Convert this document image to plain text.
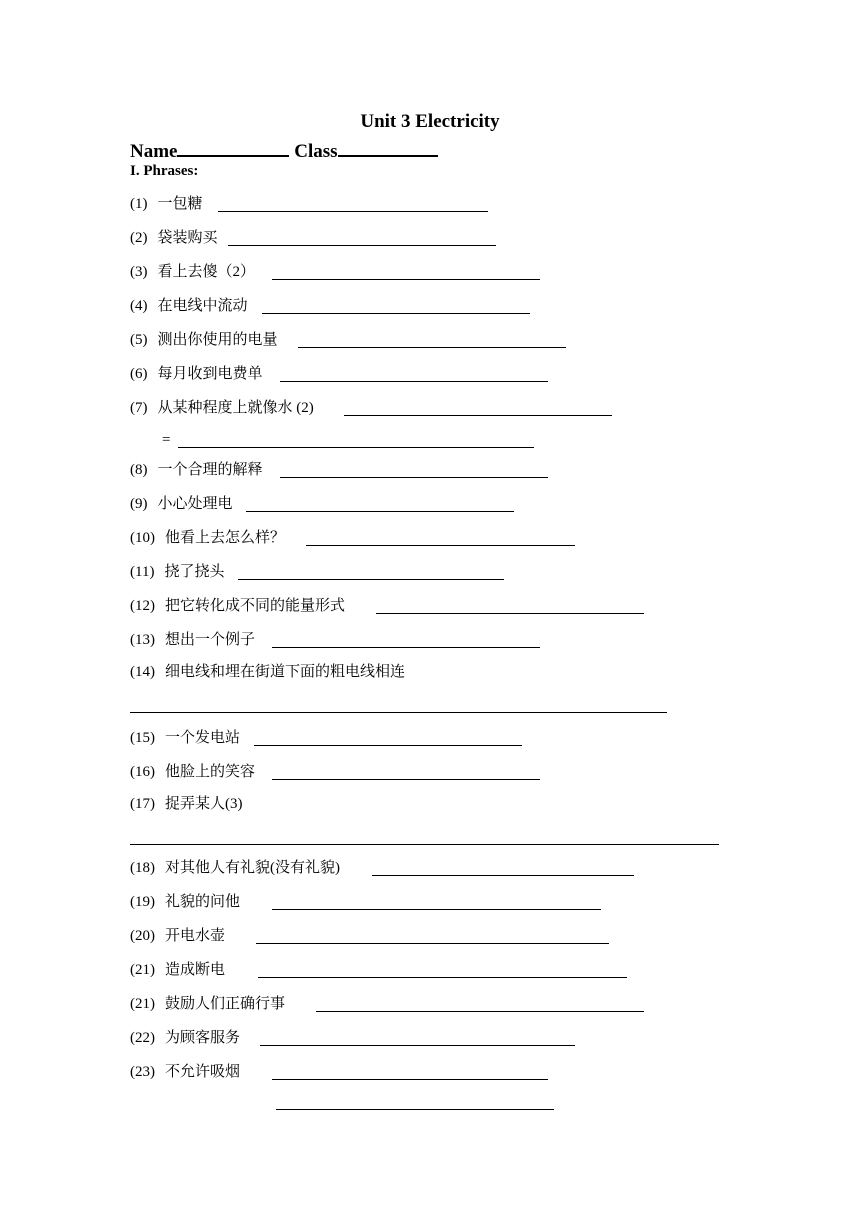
Unit 3 Electricity
Name	Class
I. Phrases:
(1) 一包糖
(2) 袋装购买
(3) 看上去傻（2）
(4) 在电线中流动
(5) 测出你使用的电量
(6) 每月收到电费单
(7) 从某种程度上就像水 (2)
=
(8) 一个合理的解释
(9) 小心处理电
(10) 他看上去怎么样？
(11) 挠了挠头
(12) 把它转化成不同的能量形式
(13) 想出一个例子
(14) 细电线和埋在街道下面的粗电线相连
(15) 一个发电站
(16) 他脸上的笑容
(17) 捉弄某人(3)
(18) 对其他人有礼貌(没有礼貌)
(19) 礼貌的问他
(20) 开电水壶
(21) 造成断电
(21) 鼓励人们正确行事
(22) 为顾客服务
(23) 不允许吸烟
